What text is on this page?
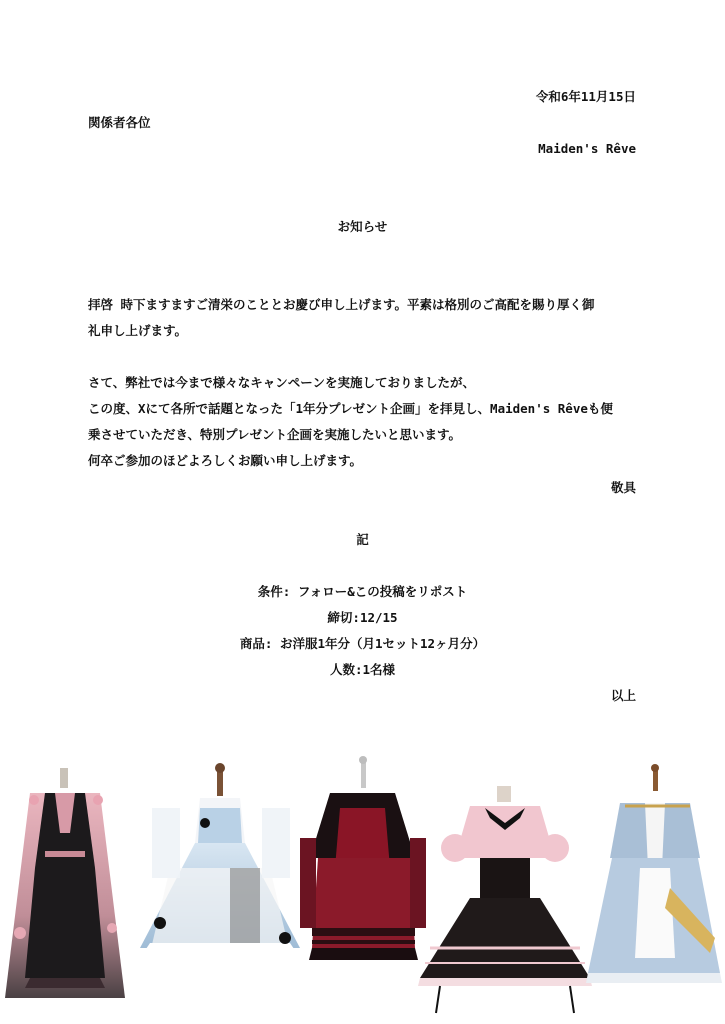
令和6年11月15日
関係者各位
Maiden's Rêve
お知らせ
拝啓 時下ますますご清栄のこととお慶び申し上げます。平素は格別のご高配を賜り厚く御
礼申し上げます。
さて、弊社では今まで様々なキャンペーンを実施しておりましたが、
この度、Xにて各所で話題となった「1年分プレゼント企画」を拝見し、Maiden's Rêveも便
乗させていただき、特別プレゼント企画を実施したいと思います。
何卒ご参加のほどよろしくお願い申し上げます。
敬具
記
条件: フォロー&この投稿をリポスト
締切:12/15
商品: お洋服1年分（月1セット12ヶ月分）
人数:1名様
以上
